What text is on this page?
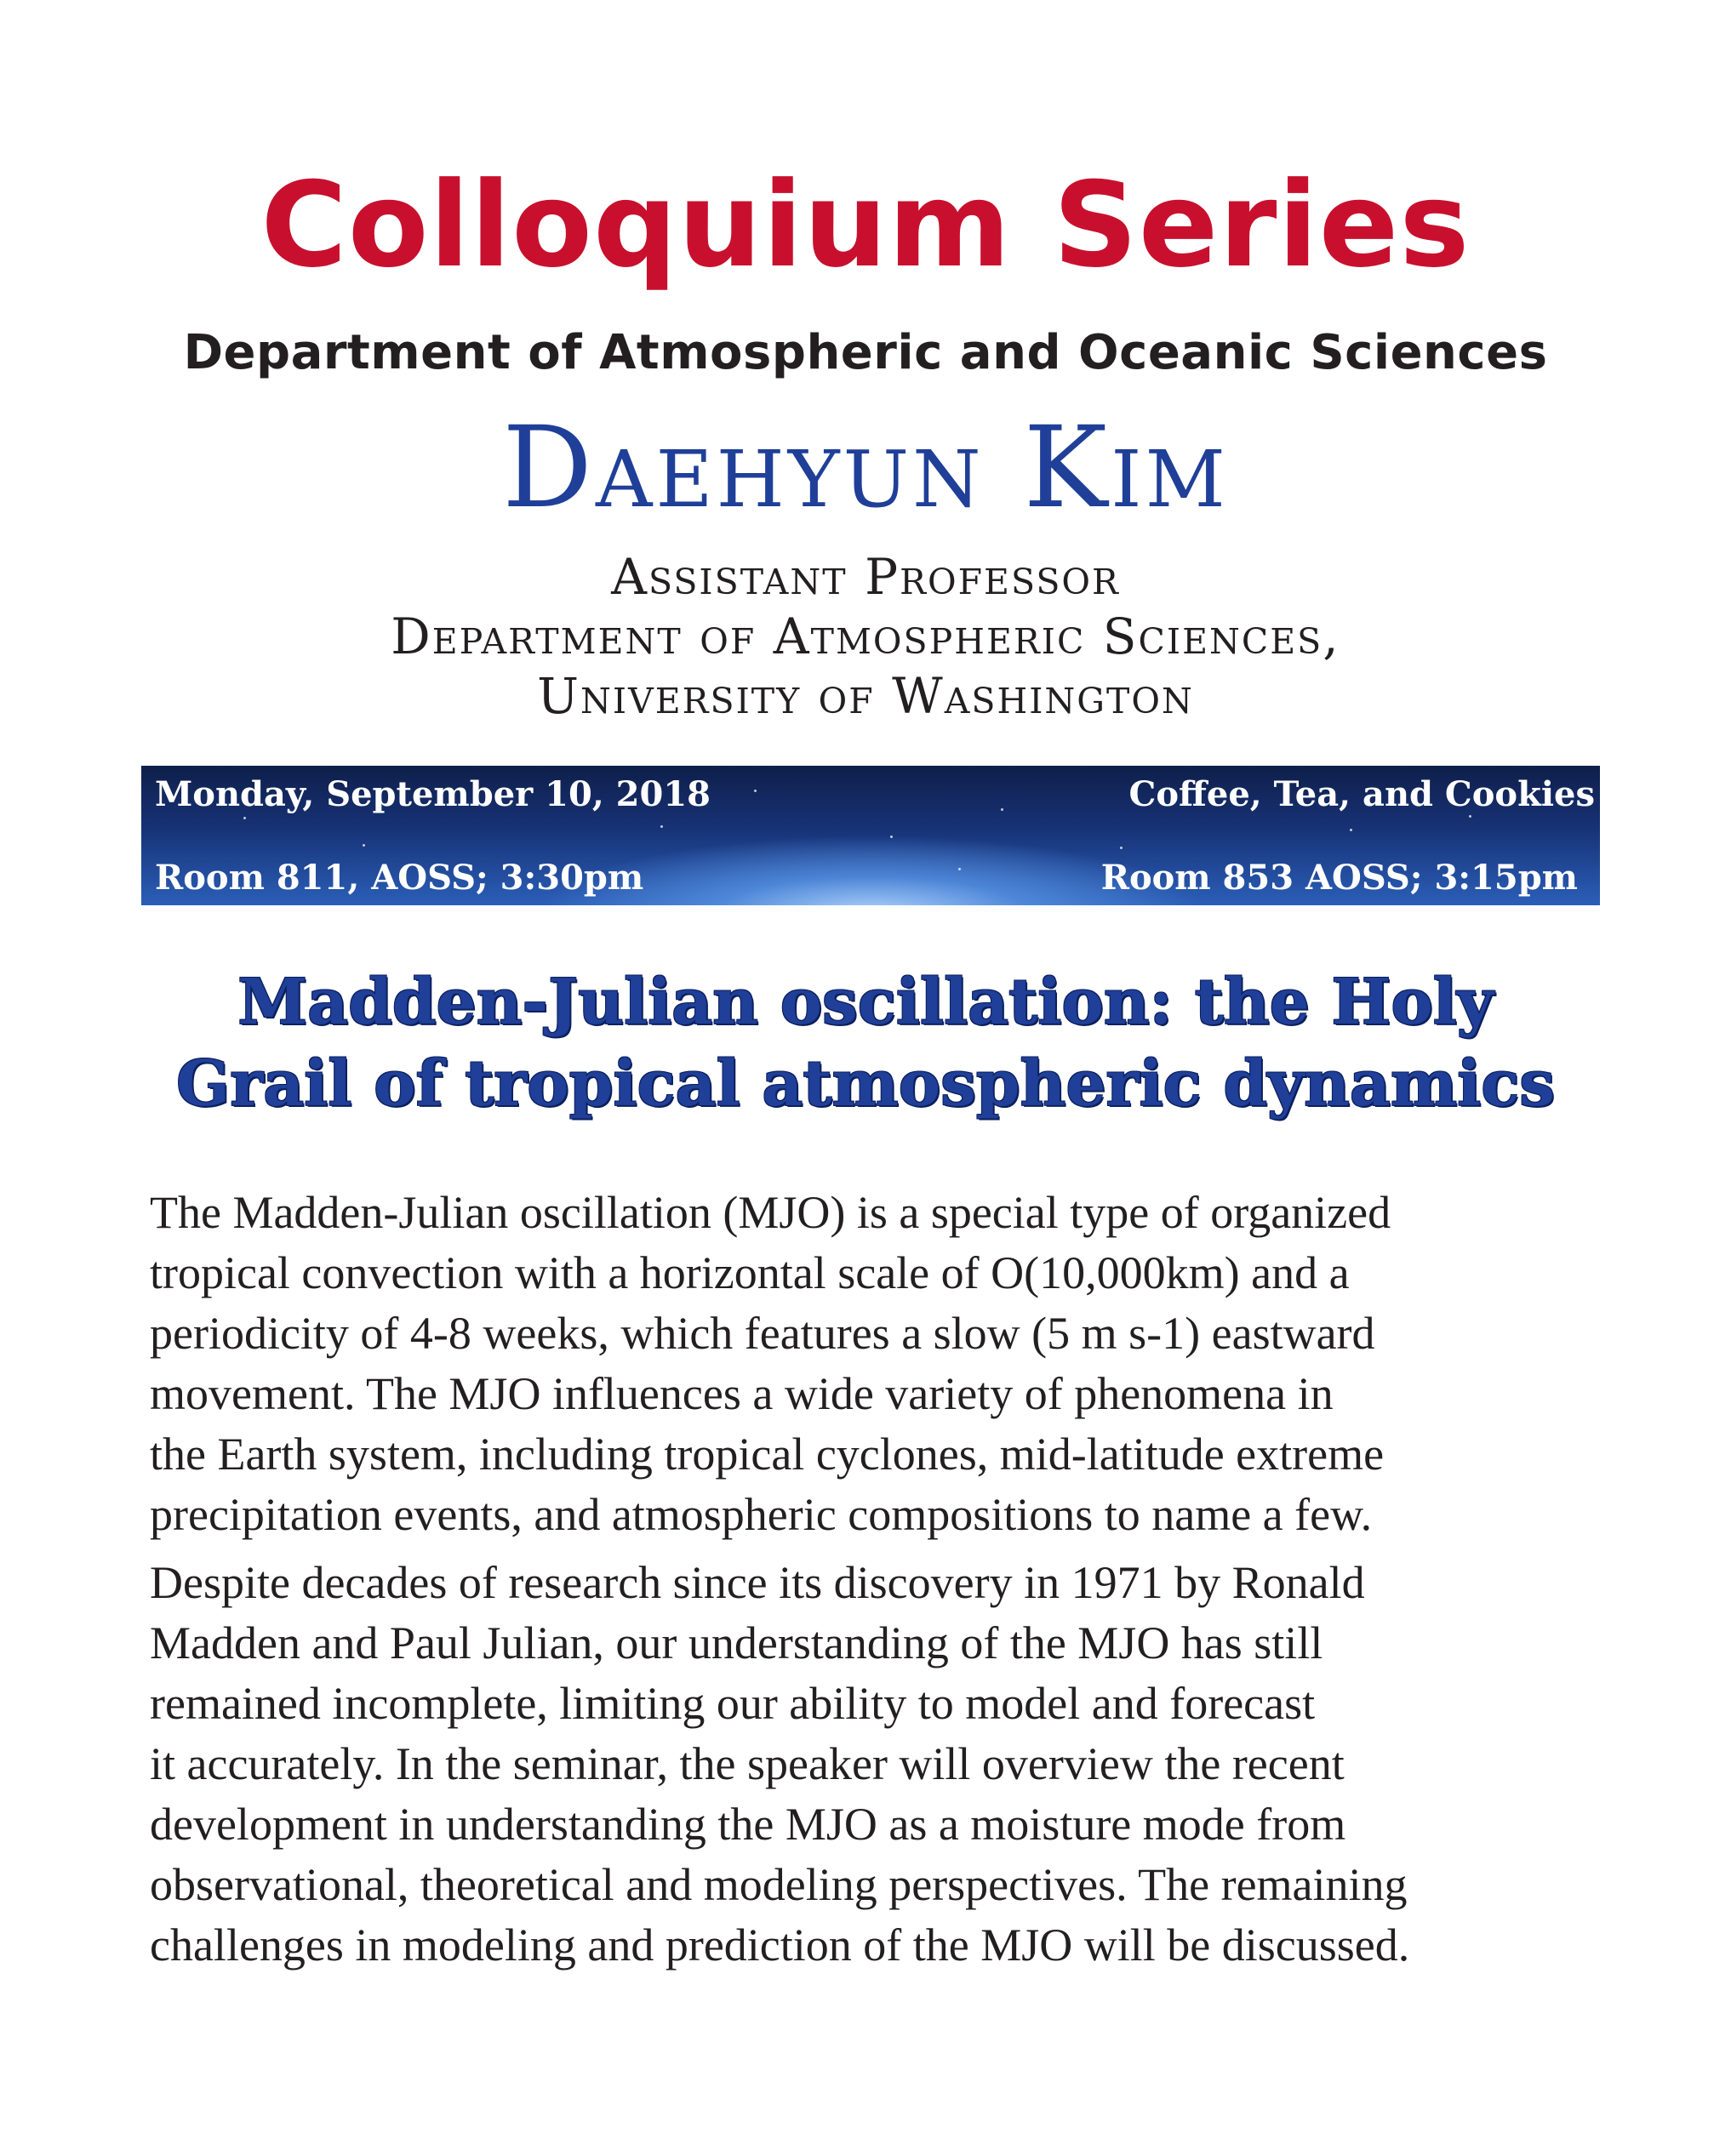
Colloquium Series
Department of Atmospheric and Oceanic Sciences
Daehyun Kim
Assistant Professor
Department of Atmospheric Sciences,
University of Washington
Monday, September 10, 2018
Room 811, AOSS; 3:30pm
Coffee, Tea, and Cookies
Room 853 AOSS; 3:15pm
Madden-Julian oscillation: the Holy
Grail of tropical atmospheric dynamics
The Madden-Julian oscillation (MJO) is a special type of organized
tropical convection with a horizontal scale of O(10,000km) and a
periodicity of 4-8 weeks, which features a slow (5 m s-1) eastward
movement. The MJO influences a wide variety of phenomena in
the Earth system, including tropical cyclones, mid-latitude extreme
precipitation events, and atmospheric compositions to name a few.
Despite decades of research since its discovery in 1971 by Ronald
Madden and Paul Julian, our understanding of the MJO has still
remained incomplete, limiting our ability to model and forecast
it accurately. In the seminar, the speaker will overview the recent
development in understanding the MJO as a moisture mode from
observational, theoretical and modeling perspectives. The remaining
challenges in modeling and prediction of the MJO will be discussed.
